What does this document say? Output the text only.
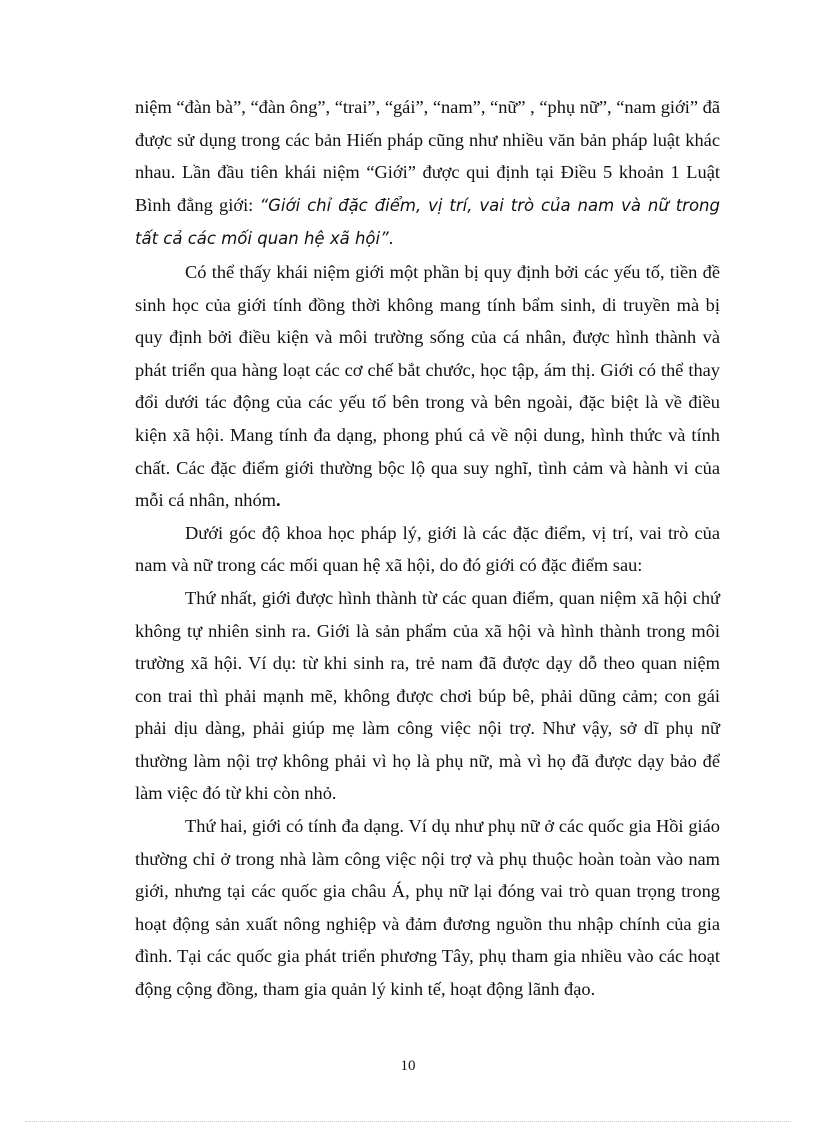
niệm “đàn bà”, “đàn ông”, “trai”, “gái”, “nam”, “nữ” , “phụ nữ”, “nam giới” đã được sử dụng trong các bản Hiến pháp cũng như nhiều văn bản pháp luật khác nhau. Lần đầu tiên khái niệm “Giới” được qui định tại Điều 5 khoản 1 Luật Bình đẳng giới: “Giới chỉ đặc điểm, vị trí, vai trò của nam và nữ trong tất cả các mối quan hệ xã hội”.

Có thể thấy khái niệm giới một phần bị quy định bởi các yếu tố, tiền đề sinh học của giới tính đồng thời không mang tính bẩm sinh, di truyền mà bị quy định bởi điều kiện và môi trường sống của cá nhân, được hình thành và phát triển qua hàng loạt các cơ chế bắt chước, học tập, ám thị. Giới có thể thay đổi dưới tác động của các yếu tố bên trong và bên ngoài, đặc biệt là về điều kiện xã hội. Mang tính đa dạng, phong phú cả về nội dung, hình thức và tính chất. Các đặc điểm giới thường bộc lộ qua suy nghĩ, tình cảm và hành vi của mỗi cá nhân, nhóm.

Dưới góc độ khoa học pháp lý, giới là các đặc điểm, vị trí, vai trò của nam và nữ trong các mối quan hệ xã hội, do đó giới có đặc điểm sau:

Thứ nhất, giới được hình thành từ các quan điểm, quan niệm xã hội chứ không tự nhiên sinh ra. Giới là sản phẩm của xã hội và hình thành trong môi trường xã hội. Ví dụ: từ khi sinh ra, trẻ nam đã được dạy dỗ theo quan niệm con trai thì phải mạnh mẽ, không được chơi búp bê, phải dũng cảm; con gái phải dịu dàng, phải giúp mẹ làm công việc nội trợ. Như vậy, sở dĩ phụ nữ thường làm nội trợ không phải vì họ là phụ nữ, mà vì họ đã được dạy bảo để làm việc đó từ khi còn nhỏ.

Thứ hai, giới có tính đa dạng. Ví dụ như phụ nữ ở các quốc gia Hồi giáo thường chỉ ở trong nhà làm công việc nội trợ và phụ thuộc hoàn toàn vào nam giới, nhưng tại các quốc gia châu Á, phụ nữ lại đóng vai trò quan trọng trong hoạt động sản xuất nông nghiệp và đảm đương nguồn thu nhập chính của gia đình. Tại các quốc gia phát triển phương Tây, phụ tham gia nhiều vào các hoạt động cộng đồng, tham gia quản lý kinh tế, hoạt động lãnh đạo.

10
